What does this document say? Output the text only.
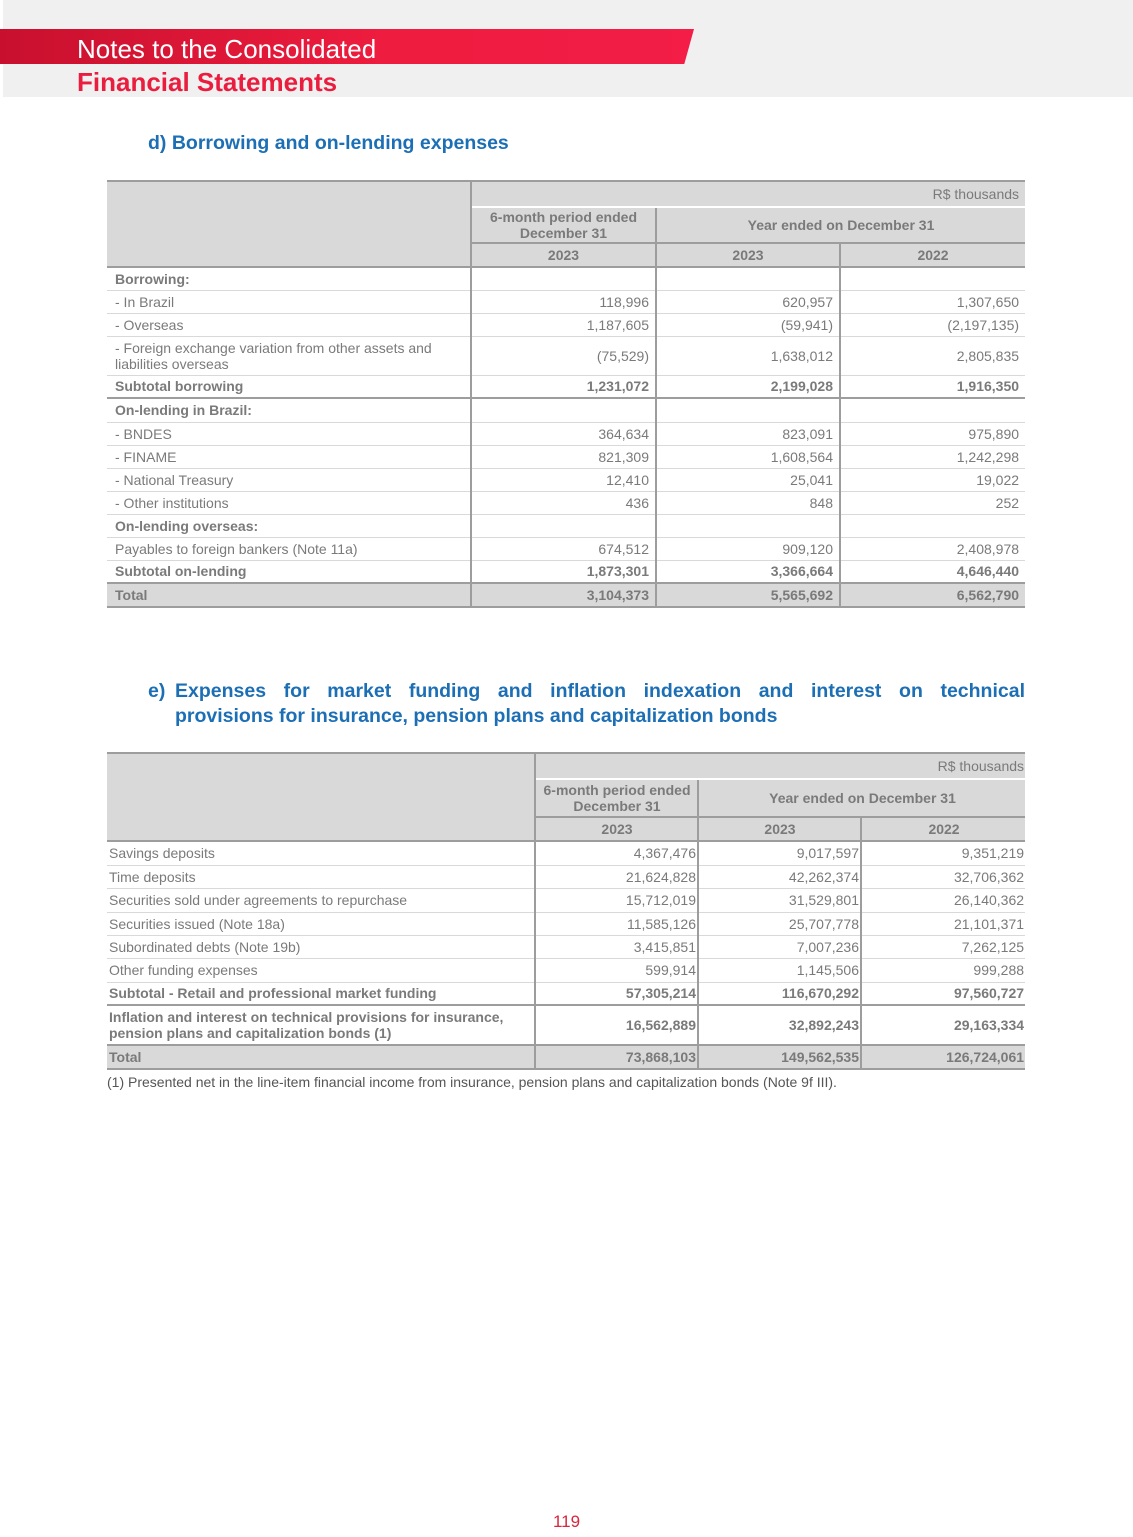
Notes to the Consolidated
Financial Statements
d) Borrowing and on-lending expenses
	R$ thousands		
	6-month period ended December 31	Year ended on December 31	
	2023	2023	2022
Borrowing:			
- In Brazil	118,996	620,957	1,307,650
- Overseas	1,187,605	(59,941)	(2,197,135)
- Foreign exchange variation from other assets and liabilities overseas	(75,529)	1,638,012	2,805,835
Subtotal borrowing	1,231,072	2,199,028	1,916,350
On-lending in Brazil:			
- BNDES	364,634	823,091	975,890
- FINAME	821,309	1,608,564	1,242,298
- National Treasury	12,410	25,041	19,022
- Other institutions	436	848	252
On-lending overseas:			
Payables to foreign bankers (Note 11a)	674,512	909,120	2,408,978
Subtotal on-lending	1,873,301	3,366,664	4,646,440
Total	3,104,373	5,565,692	6,562,790
e) Expenses for market funding and inflation indexation and interest on technical
provisions for insurance, pension plans and capitalization bonds
	R$ thousands		
	6-month period ended December 31	Year ended on December 31	
	2023	2023	2022
Savings deposits	4,367,476	9,017,597	9,351,219
Time deposits	21,624,828	42,262,374	32,706,362
Securities sold under agreements to repurchase	15,712,019	31,529,801	26,140,362
Securities issued (Note 18a)	11,585,126	25,707,778	21,101,371
Subordinated debts (Note 19b)	3,415,851	7,007,236	7,262,125
Other funding expenses	599,914	1,145,506	999,288
Subtotal - Retail and professional market funding	57,305,214	116,670,292	97,560,727
Inflation and interest on technical provisions for insurance, pension plans and capitalization bonds (1)	16,562,889	32,892,243	29,163,334
Total	73,868,103	149,562,535	126,724,061
(1) Presented net in the line-item financial income from insurance, pension plans and capitalization bonds (Note 9f III).
119
